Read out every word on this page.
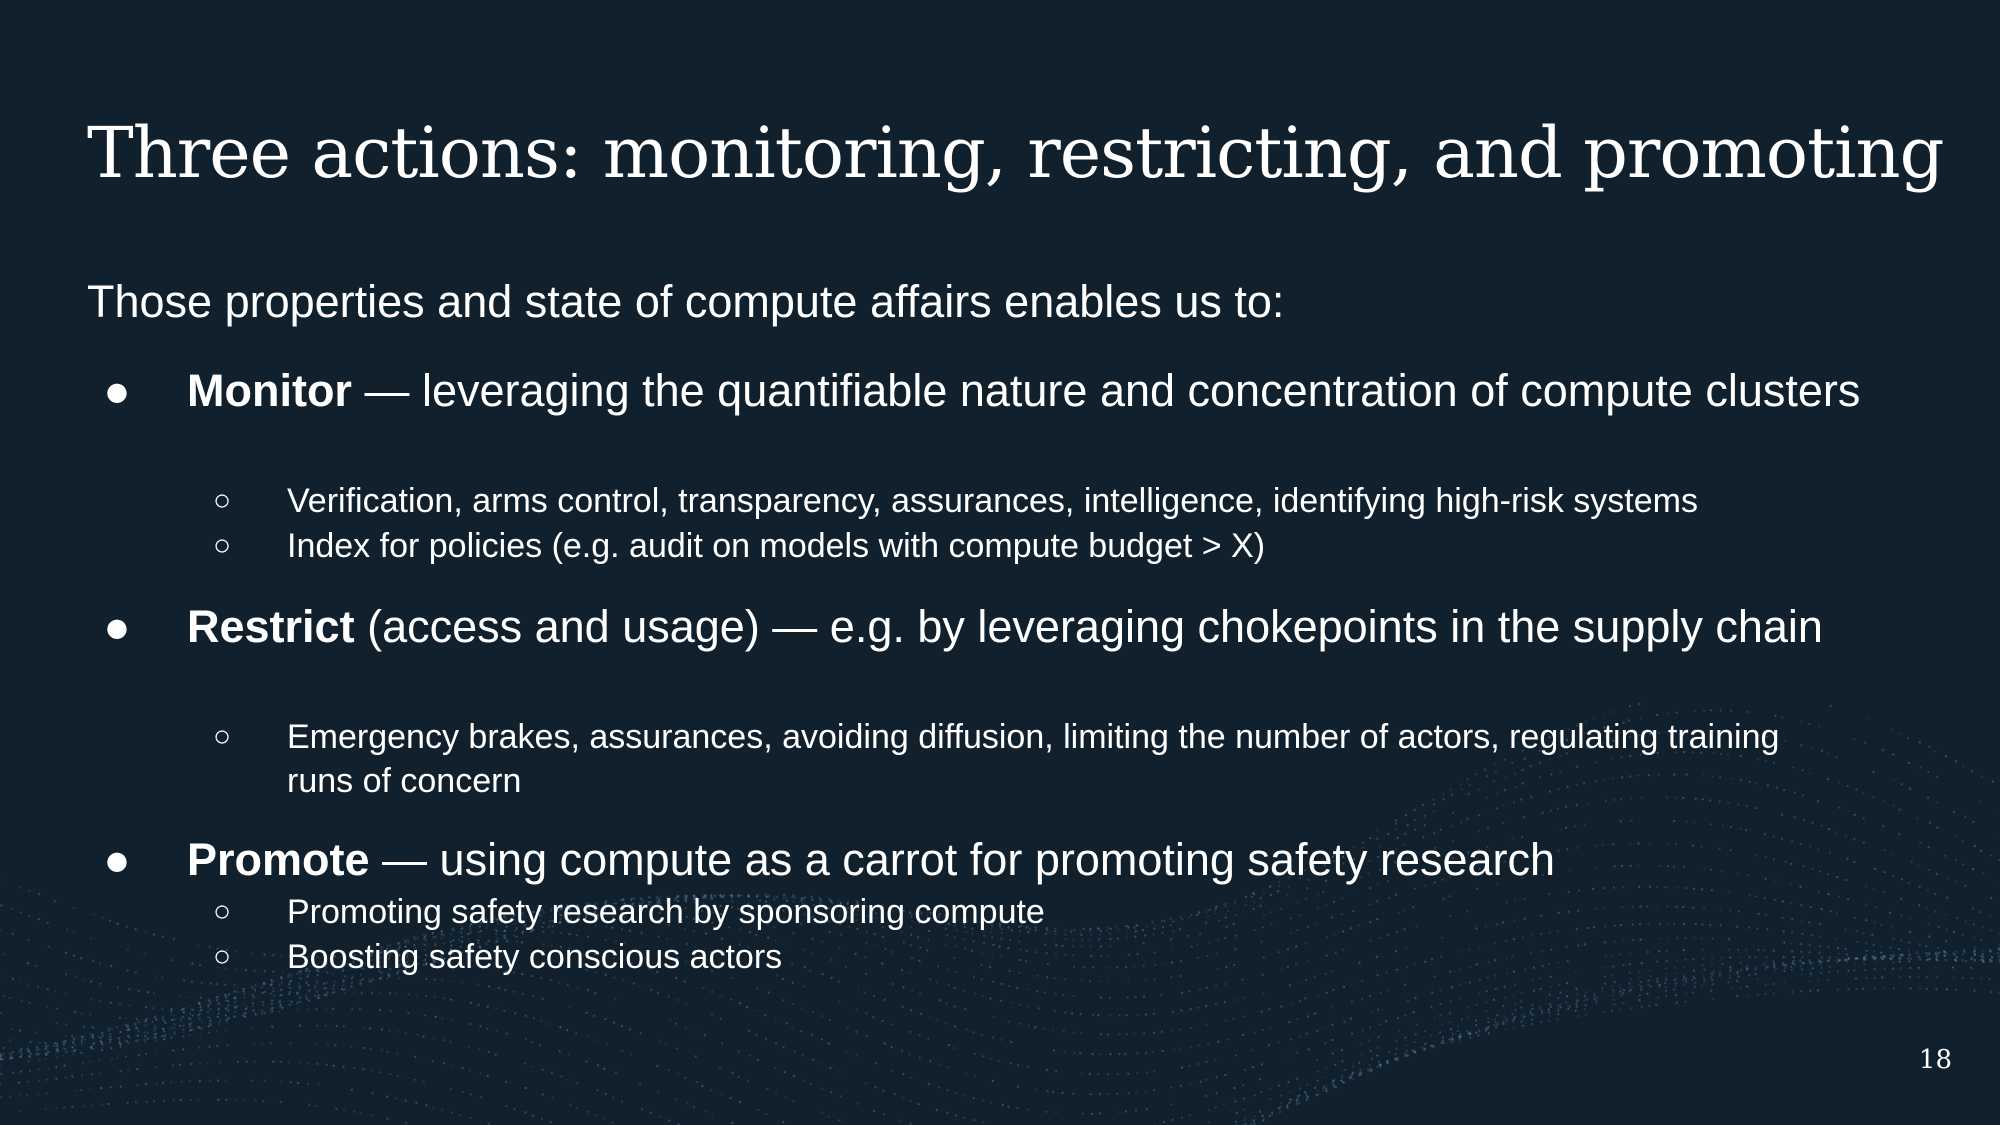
Three actions: monitoring, restricting, and promoting
Those properties and state of compute affairs enables us to:
● Monitor — leveraging the quantifiable nature and concentration of compute clusters
○ Verification, arms control, transparency, assurances, intelligence, identifying high-risk systems
○ Index for policies (e.g. audit on models with compute budget > X)
● Restrict (access and usage) — e.g. by leveraging chokepoints in the supply chain
○ Emergency brakes, assurances, avoiding diffusion, limiting the number of actors, regulating training runs of concern
● Promote — using compute as a carrot for promoting safety research
○ Promoting safety research by sponsoring compute
○ Boosting safety conscious actors
18
